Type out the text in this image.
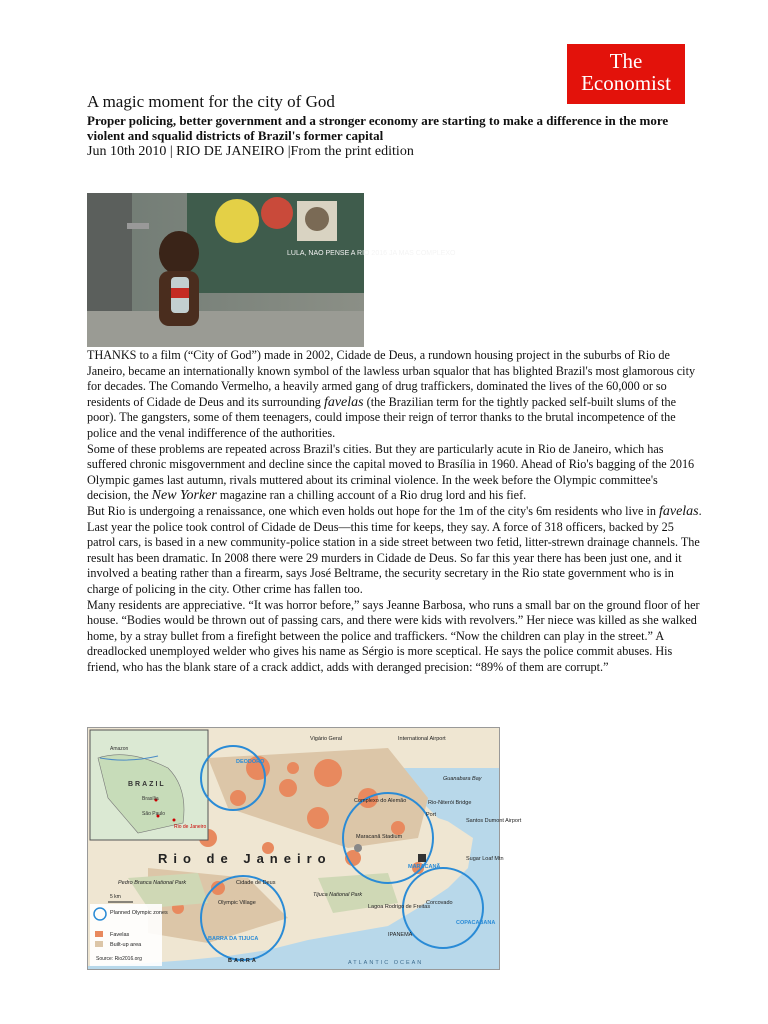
The
Economist
A magic moment for the city of God
Proper policing, better government and a stronger economy are starting to make a difference in the more violent and squalid districts of Brazil's former capital
Jun 10th 2010 | RIO DE JANEIRO |From the print edition
LULA, NAO PENSE A RIO 2016 JA MAS COMPLEXO

THANKS to a film (“City of God”) made in 2002, Cidade de Deus, a rundown housing project in the suburbs of Rio de Janeiro, became an internationally known symbol of the lawless urban squalor that has blighted Brazil's most glamorous city for decades. The Comando Vermelho, a heavily armed gang of drug traffickers, dominated the lives of the 60,000 or so residents of Cidade de Deus and its surrounding favelas (the Brazilian term for the tightly packed self-built slums of the poor). The gangsters, some of them teenagers, could impose their reign of terror thanks to the brutal incompetence of the police and the venal indifference of the authorities.

Some of these problems are repeated across Brazil's cities. But they are particularly acute in Rio de Janeiro, which has suffered chronic misgovernment and decline since the capital moved to Brasília in 1960. Ahead of Rio's bagging of the 2016 Olympic games last autumn, rivals muttered about its criminal violence. In the week before the Olympic committee's decision, the New Yorker magazine ran a chilling account of a Rio drug lord and his fief.

But Rio is undergoing a renaissance, one which even holds out hope for the 1m of the city's 6m residents who live in favelas. Last year the police took control of Cidade de Deus—this time for keeps, they say. A force of 318 officers, backed by 25 patrol cars, is based in a new community-police station in a side street between two fetid, litter-strewn drainage channels. The result has been dramatic. In 2008 there were 29 murders in Cidade de Deus. So far this year there has been just one, and it involved a beating rather than a firearm, says José Beltrame, the security secretary in the Rio state government who is in charge of policing in the city. Other crime has fallen too.

Many residents are appreciative. “It was horror before,” says Jeanne Barbosa, who runs a small bar on the ground floor of her house. “Bodies would be thrown out of passing cars, and there were kids with revolvers.” Her niece was killed as she walked home, by a stray bullet from a firefight between the police and traffickers. “Now the children can play in the street.” A dreadlocked unemployed welder who gives his name as Sérgio is more sceptical. He says the police commit abuses. His friend, who has the blank stare of a crack addict, adds with deranged precision: “89% of them are corrupt.”

Amazon
BRAZIL
Brasília
São Paulo
Rio de Janeiro
Vigário Geral
DEODORO
International Airport
Guanabara Bay
Complexo do Alemão	Rio-Niterói Bridge
Port
Santos Dumont Airport
Maracanã Stadium
MARACANÃ
Sugar Loaf Mtn
Pedro Branca National Park	Cidade de Deus
Tijuca National Park
Olympic Village
Lagoa Rodrigo de Freitas
Corcovado
BARRA DA TIJUCA
IPANEMA
COPACABANA
BARRA	ATLANTIC OCEAN
Rio de Janeiro
5 km
Planned Olympic zones
Favelas
Built-up area
Source: Rio2016.org
